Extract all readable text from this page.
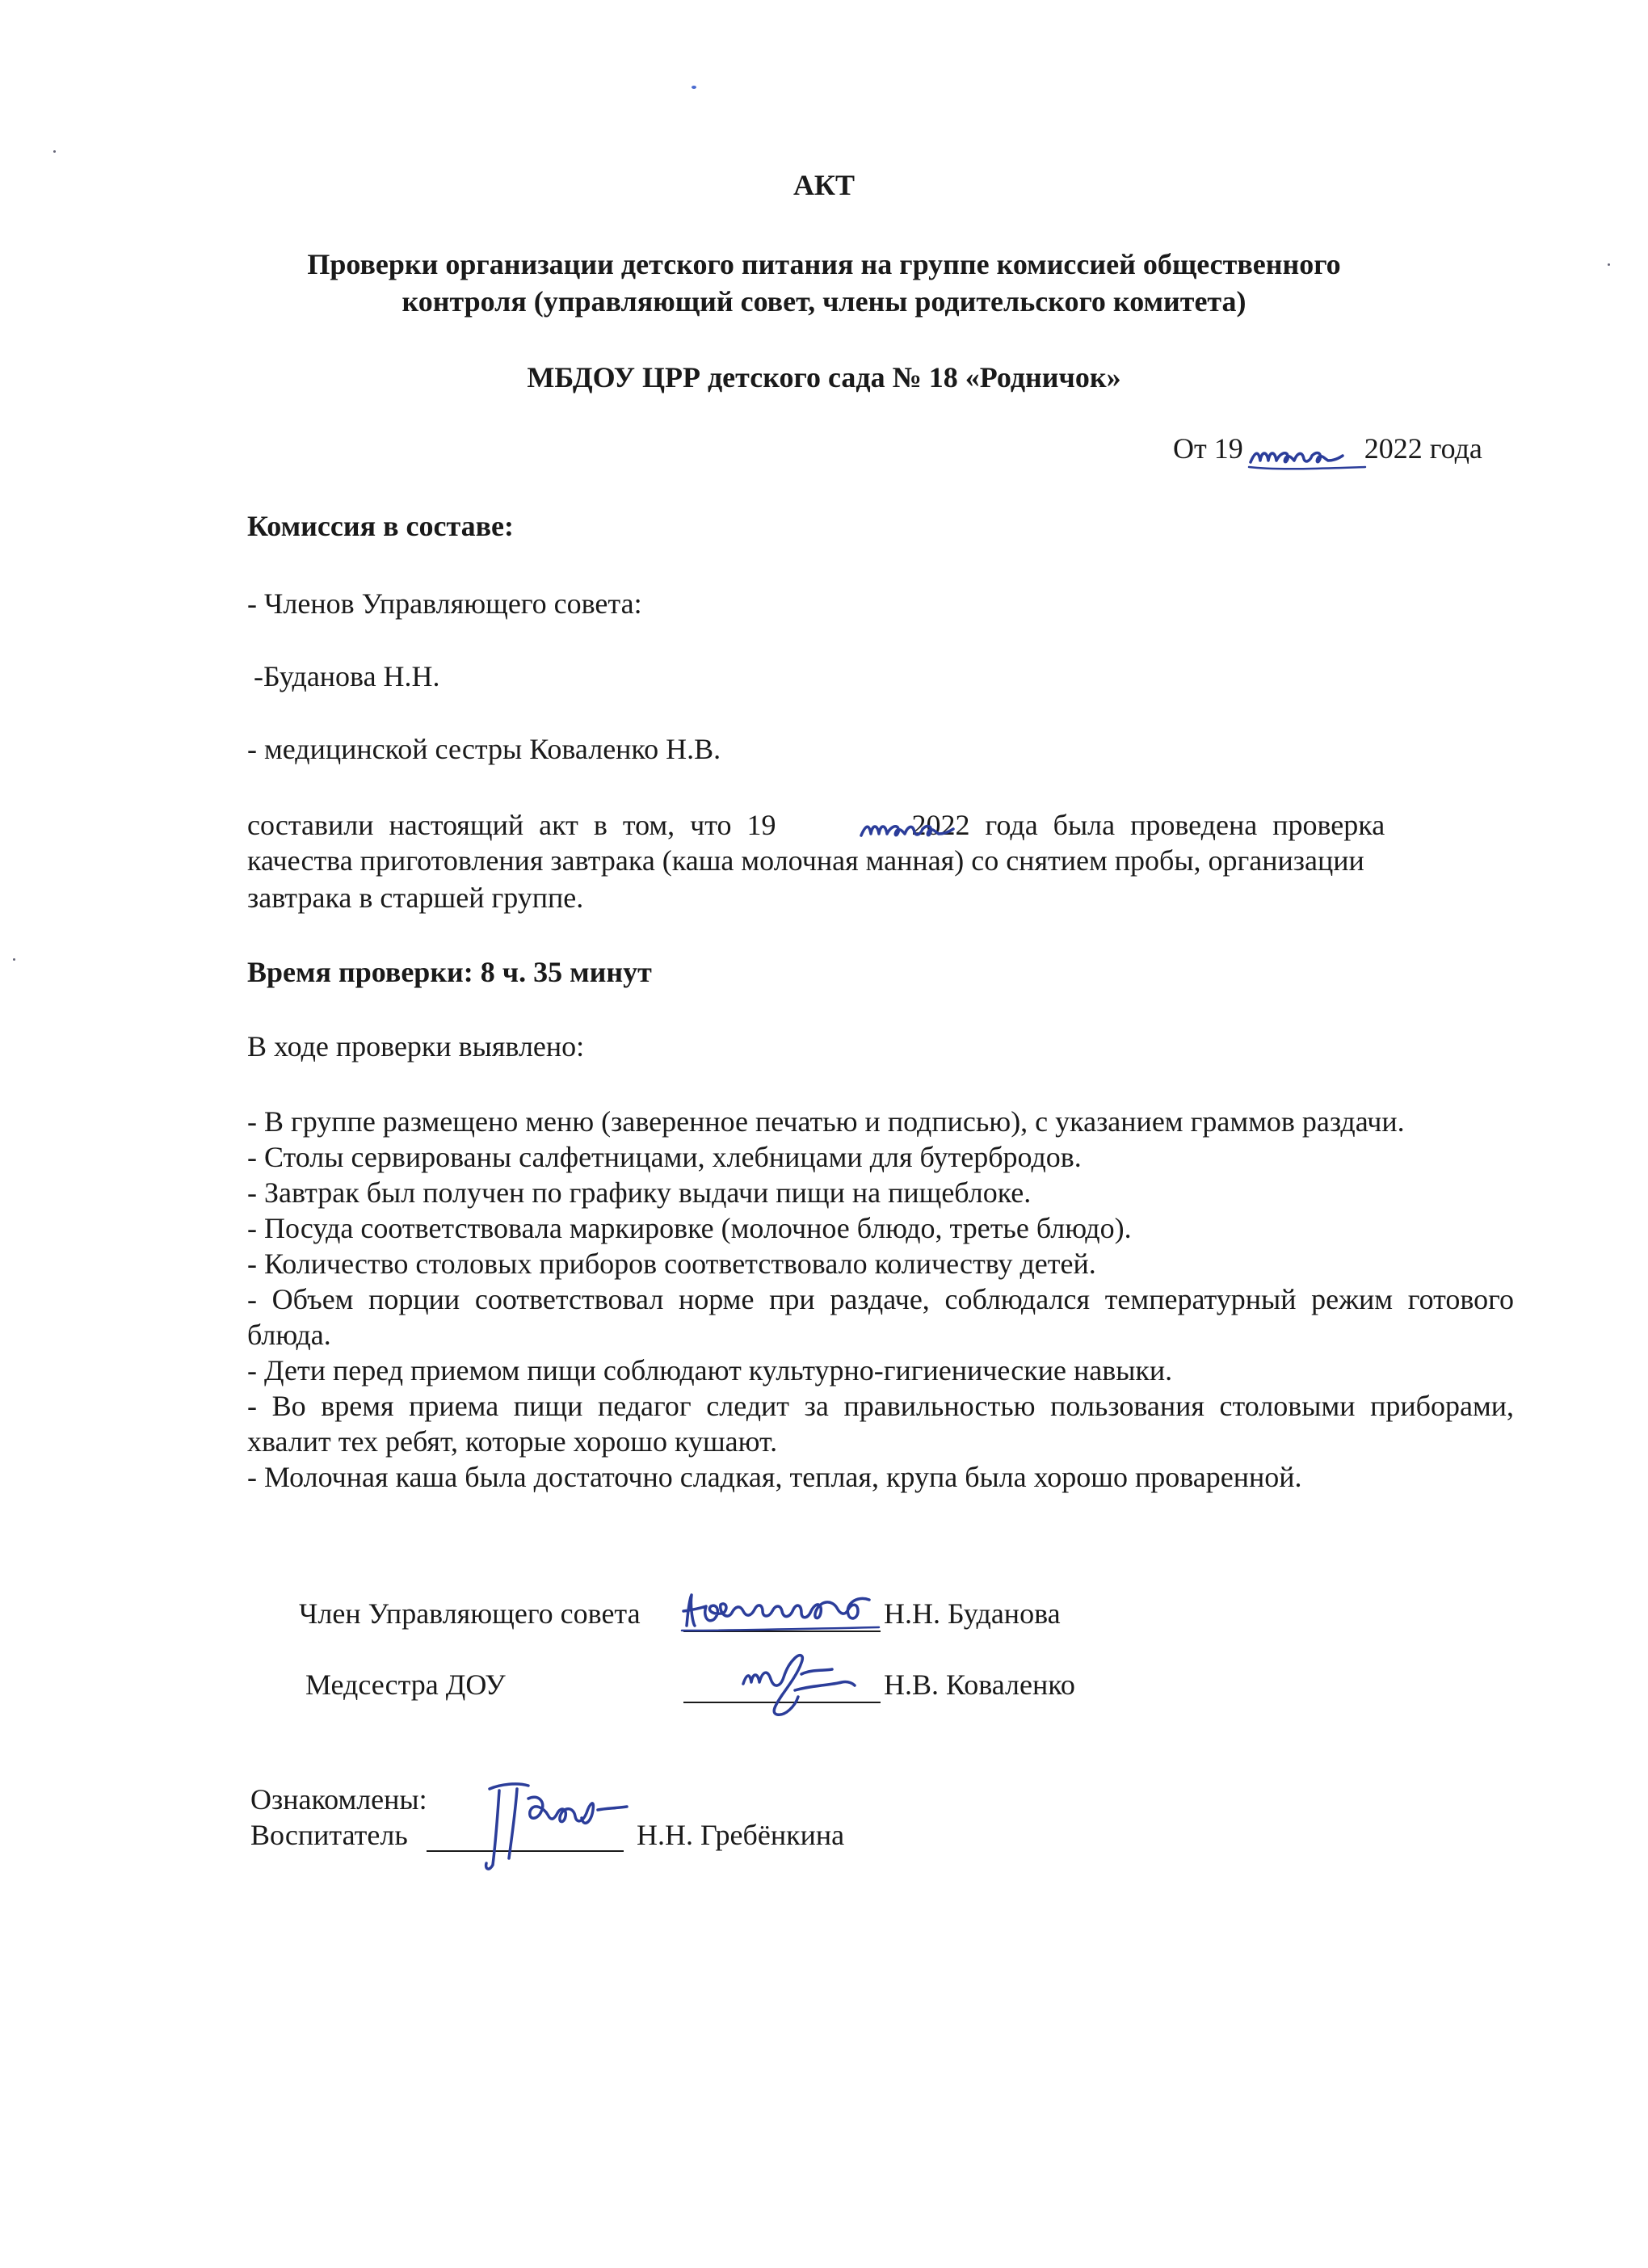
АКТ
Проверки организации детского питания на группе комиссией общественного
контроля (управляющий совет, члены родительского комитета)
МБДОУ ЦРР детского сада № 18 «Родничок»
От 19	2022 года
Комиссия в составе:
- Членов Управляющего совета:
-Буданова Н.Н.
- медицинской сестры Коваленко Н.В.
составили настоящий акт в том, что 19	2022 года была проведена проверка
качества приготовления завтрака (каша молочная манная) со снятием пробы, организации
завтрака в старшей группе.
Время проверки: 8 ч. 35 минут
В ходе проверки выявлено:
- В группе размещено меню (заверенное печатью и подписью), с указанием граммов раздачи.
- Столы сервированы салфетницами, хлебницами для бутербродов.
- Завтрак был получен по графику выдачи пищи на пищеблоке.
- Посуда соответствовала маркировке (молочное блюдо, третье блюдо).
- Количество столовых приборов соответствовало количеству детей.
- Объем порции соответствовал норме при раздаче, соблюдался температурный режим готового блюда.
- Дети перед приемом пищи соблюдают культурно-гигиенические навыки.
- Во время приема пищи педагог следит за правильностью пользования столовыми приборами, хвалит тех ребят, которые хорошо кушают.
- Молочная каша была достаточно сладкая, теплая, крупа была хорошо проваренной.
Член Управляющего совета	Н.Н. Буданова
Медсестра ДОУ	Н.В. Коваленко
Ознакомлены:
Воспитатель	Н.Н. Гребёнкина
